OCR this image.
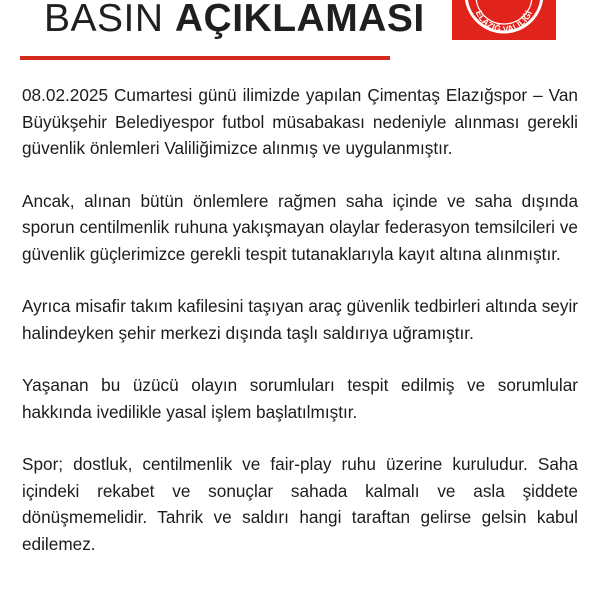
BASIN AÇIKLAMASI	ELAZIĞ VALİLİĞİ

08.02.2025 Cumartesi günü ilimizde yapılan Çimentaş Elazığspor – Van Büyükşehir Belediyespor futbol müsabakası nedeniyle alınması gerekli güvenlik önlemleri Valiliğimizce alınmış ve uygulanmıştır.

Ancak, alınan bütün önlemlere rağmen saha içinde ve saha dışında sporun centilmenlik ruhuna yakışmayan olaylar federasyon temsilcileri ve güvenlik güçlerimizce gerekli tespit tutanaklarıyla kayıt altına alınmıştır.

Ayrıca misafir takım kafilesini taşıyan araç güvenlik tedbirleri altında seyir halindeyken şehir merkezi dışında taşlı saldırıya uğramıştır.

Yaşanan bu üzücü olayın sorumluları tespit edilmiş ve sorumlular hakkında ivedilikle yasal işlem başlatılmıştır.

Spor; dostluk, centilmenlik ve fair-play ruhu üzerine kuruludur. Saha içindeki rekabet ve sonuçlar sahada kalmalı ve asla şiddete dönüşmemelidir. Tahrik ve saldırı hangi taraftan gelirse gelsin kabul edilemez.
